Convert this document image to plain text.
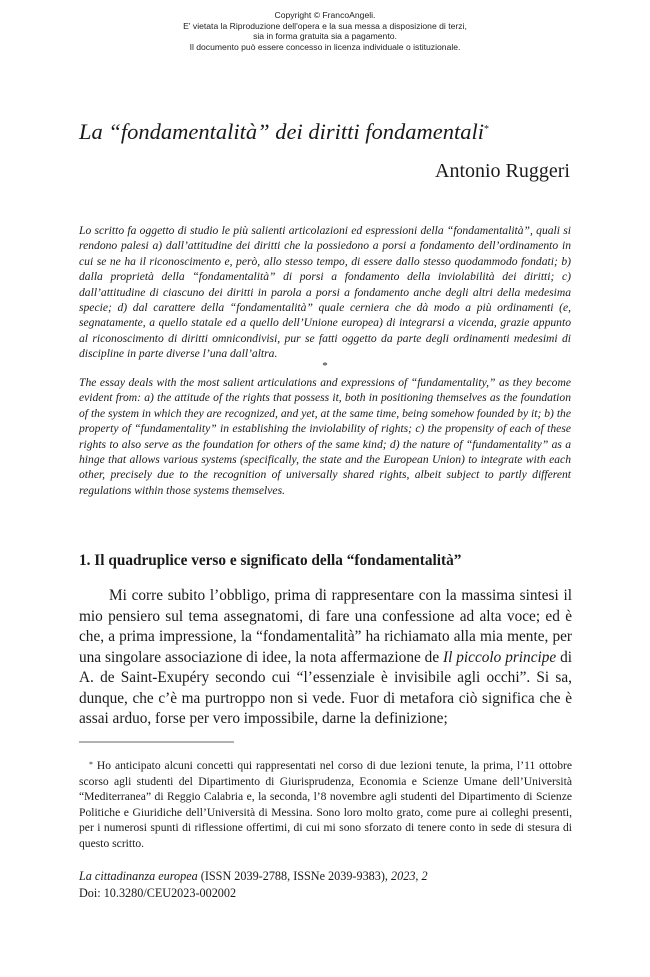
Copyright © FrancoAngeli.
E' vietata la Riproduzione dell'opera e la sua messa a disposizione di terzi,
sia in forma gratuita sia a pagamento.
Il documento può essere concesso in licenza individuale o istituzionale.
La “fondamentalità” dei diritti fondamentali*
Antonio Ruggeri
Lo scritto fa oggetto di studio le più salienti articolazioni ed espressioni della “fondamentalità”, quali si rendono palesi a) dall’attitudine dei diritti che la possiedono a porsi a fondamento dell’ordinamento in cui se ne ha il riconoscimento e, però, allo stesso tempo, di essere dallo stesso quodammodo fondati; b) dalla proprietà della “fondamentalità” di porsi a fondamento della inviolabilità dei diritti; c) dall’attitudine di ciascuno dei diritti in parola a porsi a fondamento anche degli altri della medesima specie; d) dal carattere della “fondamentalità” quale cerniera che dà modo a più ordinamenti (e, segnatamente, a quello statale ed a quello dell’Unione europea) di integrarsi a vicenda, grazie appunto al riconoscimento di diritti omnicondivisi, pur se fatti oggetto da parte degli ordinamenti medesimi di discipline in parte diverse l’una dall’altra.
*
The essay deals with the most salient articulations and expressions of “fundamentality,” as they become evident from: a) the attitude of the rights that possess it, both in positioning themselves as the foundation of the system in which they are recognized, and yet, at the same time, being somehow founded by it; b) the property of “fundamentality” in establishing the inviolability of rights; c) the propensity of each of these rights to also serve as the foundation for others of the same kind; d) the nature of “fundamentality” as a hinge that allows various systems (specifically, the state and the European Union) to integrate with each other, precisely due to the recognition of universally shared rights, albeit subject to partly different regulations within those systems themselves.
1. Il quadruplice verso e significato della “fondamentalità”
Mi corre subito l’obbligo, prima di rappresentare con la massima sintesi il mio pensiero sul tema assegnatomi, di fare una confessione ad alta voce; ed è che, a prima impressione, la “fondamentalità” ha richiamato alla mia mente, per una singolare associazione di idee, la nota affermazione de Il piccolo principe di A. de Saint-Exupéry secondo cui “l’essenziale è invisibile agli occhi”. Si sa, dunque, che c’è ma purtroppo non si vede. Fuor di metafora ciò significa che è assai arduo, forse per vero impossibile, darne la definizione;
* Ho anticipato alcuni concetti qui rappresentati nel corso di due lezioni tenute, la prima, l’11 ottobre scorso agli studenti del Dipartimento di Giurisprudenza, Economia e Scienze Umane dell’Università “Mediterranea” di Reggio Calabria e, la seconda, l’8 novembre agli studenti del Dipartimento di Scienze Politiche e Giuridiche dell’Università di Messina. Sono loro molto grato, come pure ai colleghi presenti, per i numerosi spunti di riflessione offertimi, di cui mi sono sforzato di tenere conto in sede di stesura di questo scritto.
La cittadinanza europea (ISSN 2039-2788, ISSNe 2039-9383), 2023, 2
Doi: 10.3280/CEU2023-002002
